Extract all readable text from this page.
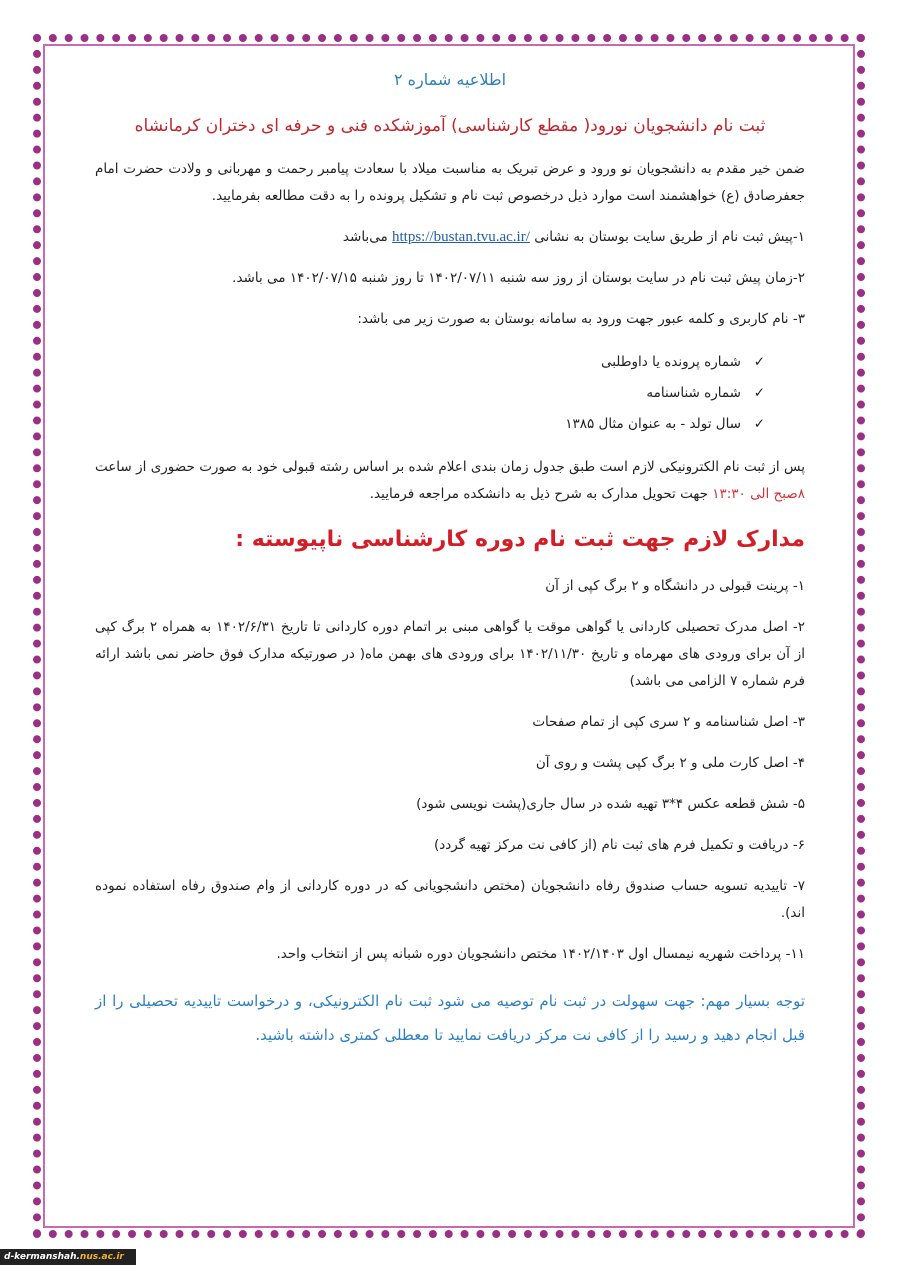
اطلاعیه شماره ۲

ثبت نام دانشجویان نورود( مقطع کارشناسی) آموزشکده فنی و حرفه ای دختران کرمانشاه

ضمن خیر مقدم به دانشجویان نو ورود و عرض تبریک به مناسبت میلاد با سعادت پیامبر رحمت و مهربانی و ولادت حضرت امام جعفرصادق (ع) خواهشمند است موارد ذیل درخصوص ثبت نام و تشکیل پرونده را به دقت مطالعه بفرمایید.

۱-پیش ثبت نام از طریق سایت بوستان به نشانی https://bustan.tvu.ac.ir/ می‌باشد

۲-زمان پیش ثبت نام در سایت بوستان از روز سه شنبه ۱۴۰۲/۰۷/۱۱ تا روز شنبه ۱۴۰۲/۰۷/۱۵ می باشد.

۳- نام کاربری و کلمه عبور جهت ورود به سامانه بوستان به صورت زیر می باشد:

✓شماره پرونده یا داوطلبی
✓شماره شناسنامه
✓سال تولد - به عنوان مثال ۱۳۸۵

پس از ثبت نام الکترونیکی لازم است طبق جدول زمان بندی اعلام شده بر اساس رشته قبولی خود به صورت حضوری از ساعت ۸صبح الی ۱۳:۳۰ جهت تحویل مدارک به شرح ذیل به دانشکده مراجعه فرمایید.

مدارک لازم جهت ثبت نام دوره کارشناسی ناپیوسته :

۱- پرینت قبولی در دانشگاه و ۲ برگ کپی از آن

۲- اصل مدرک تحصیلی کاردانی یا گواهی موقت یا گواهی مبنی بر اتمام دوره کاردانی تا تاریخ ۱۴۰۲/۶/۳۱ به همراه ۲ برگ کپی از آن برای ورودی های مهرماه و تاریخ ۱۴۰۲/۱۱/۳۰ برای ورودی های بهمن ماه( در صورتیکه مدارک فوق حاضر نمی باشد ارائه فرم شماره ۷ الزامی می باشد)

۳- اصل شناسنامه و ۲ سری کپی از تمام صفحات

۴- اصل کارت ملی و ۲ برگ کپی پشت و روی آن

۵- شش قطعه عکس ۴*۳ تهیه شده در سال جاری(پشت نویسی شود)

۶- دریافت و تکمیل فرم های ثبت نام (از کافی نت مرکز تهیه گردد)

۷- تاییدیه تسویه حساب صندوق رفاه دانشجویان (مختص دانشجویانی که در دوره کاردانی از وام صندوق رفاه استفاده نموده اند).

۱۱- پرداخت شهریه نیمسال اول ۱۴۰۲/۱۴۰۳ مختص دانشجویان دوره شبانه پس از انتخاب واحد.

توجه بسیار مهم: جهت سهولت در ثبت نام توصیه می شود ثبت نام الکترونیکی، و درخواست تاییدیه تحصیلی را از قبل انجام دهید و رسید را از کافی نت مرکز دریافت نمایید تا معطلی کمتری داشته باشید.

d-kermanshah.nus.ac.ir
